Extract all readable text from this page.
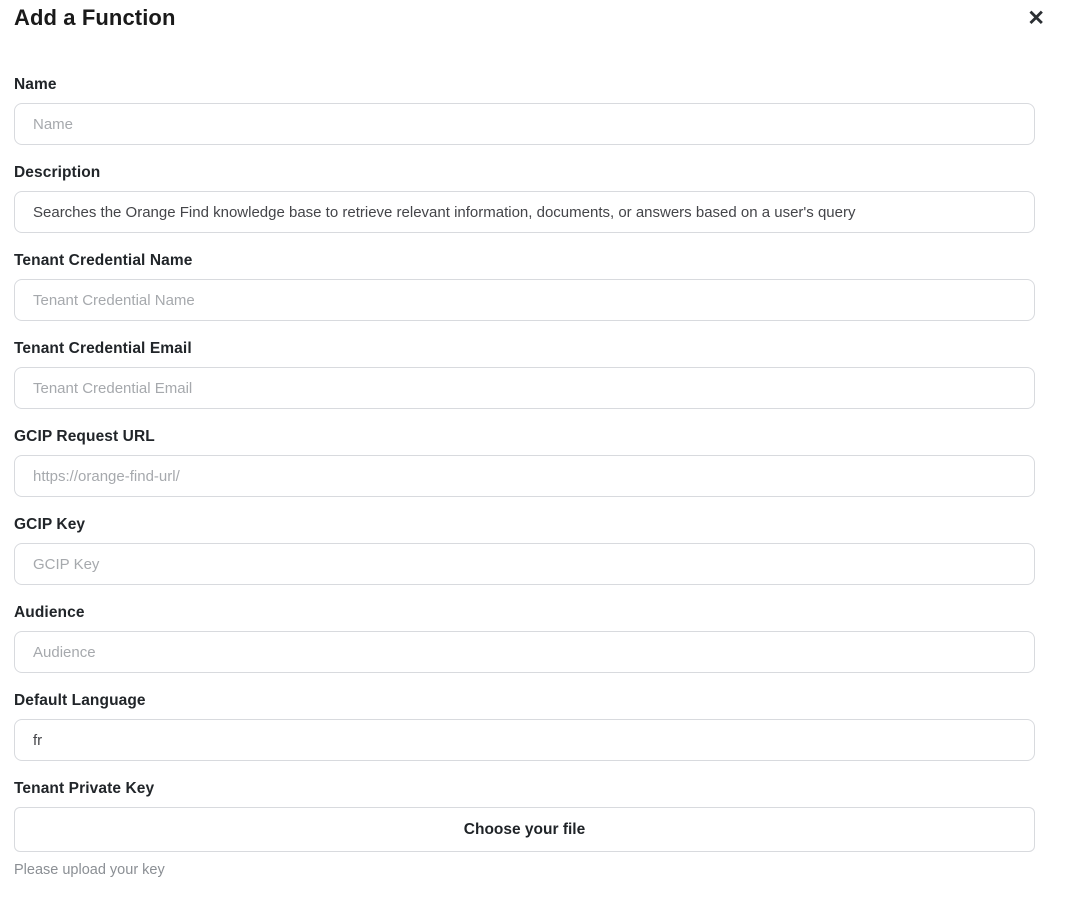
Add a Function	✕
Name
Name
Description
Searches the Orange Find knowledge base to retrieve relevant information, documents, or answers based on a user's query
Tenant Credential Name
Tenant Credential Name
Tenant Credential Email
Tenant Credential Email
GCIP Request URL
https://orange-find-url/
GCIP Key
GCIP Key
Audience
Audience
Default Language
fr
Tenant Private Key
Choose your file
Please upload your key
